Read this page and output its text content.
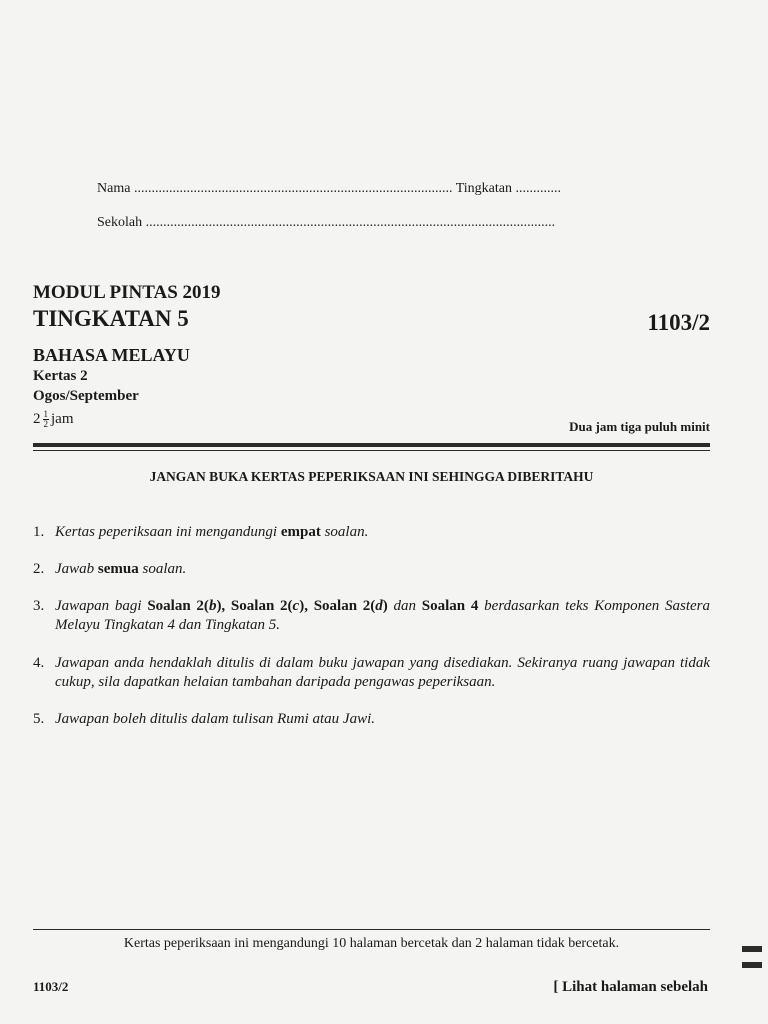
Nama ........................................................................................... Tingkatan .............
Sekolah .....................................................................................................................
MODUL PINTAS 2019
TINGKATAN 5	1103/2
BAHASA MELAYU
Kertas 2
Ogos/September
$2 \frac{1}{2}$ jam	Dua jam tiga puluh minit
JANGAN BUKA KERTAS PEPERIKSAAN INI SEHINGGA DIBERITAHU
1. Kertas peperiksaan ini mengandungi empat soalan.
2. Jawab semua soalan.
3. Jawapan bagi Soalan 2(b), Soalan 2(c), Soalan 2(d) dan Soalan 4 berdasarkan teks Komponen Sastera Melayu Tingkatan 4 dan Tingkatan 5.
4. Jawapan anda hendaklah ditulis di dalam buku jawapan yang disediakan. Sekiranya ruang jawapan tidak cukup, sila dapatkan helaian tambahan daripada pengawas peperiksaan.
5. Jawapan boleh ditulis dalam tulisan Rumi atau Jawi.
Kertas peperiksaan ini mengandungi 10 halaman bercetak dan 2 halaman tidak bercetak.
1103/2	[ Lihat halaman sebelah
